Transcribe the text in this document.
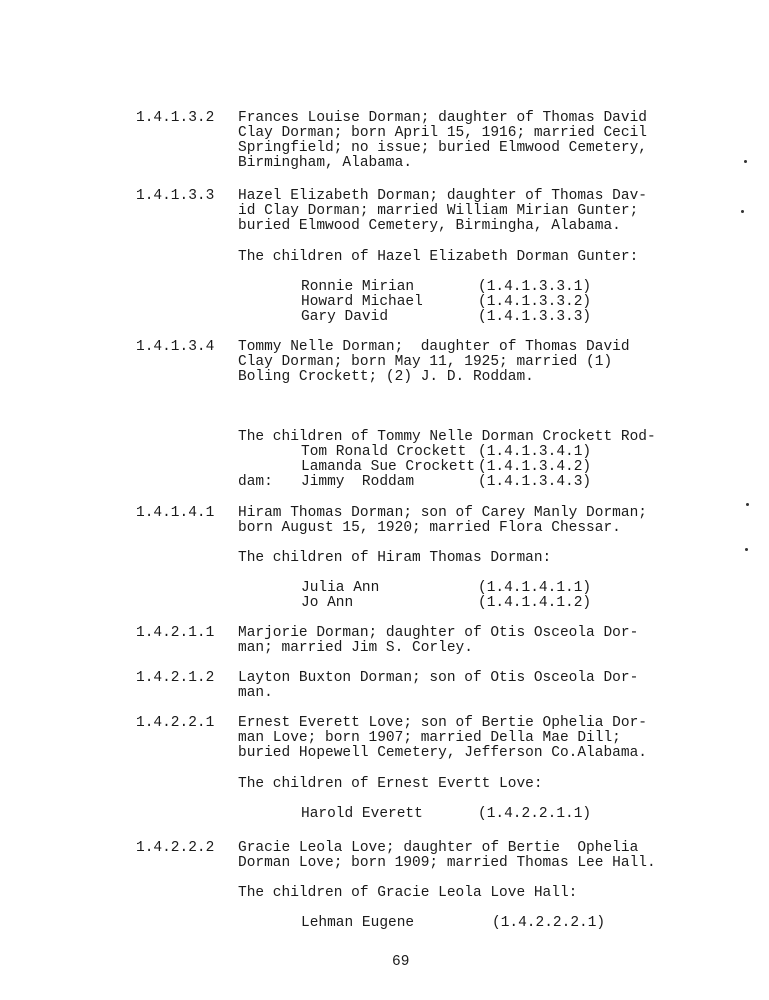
1.4.1.3.2 Frances Louise Dorman; daughter of Thomas David
Clay Dorman; born April 15, 1916; married Cecil
Springfield; no issue; buried Elmwood Cemetery,
Birmingham, Alabama.
1.4.1.3.3 Hazel Elizabeth Dorman; daughter of Thomas Dav-
id Clay Dorman; married William Mirian Gunter;
buried Elmwood Cemetery, Birmingha, Alabama.
The children of Hazel Elizabeth Dorman Gunter:
Ronnie Mirian	(1.4.1.3.3.1)
Howard Michael	(1.4.1.3.3.2)
Gary David	(1.4.1.3.3.3)
1.4.1.3.4 Tommy Nelle Dorman;  daughter of Thomas David
Clay Dorman; born May 11, 1925; married (1)
Boling Crockett; (2) J. D. Roddam.

The children of Tommy Nelle Dorman Crockett Rod-

dam:

Tom Ronald Crockett (1.4.1.3.4.1)
Lamanda Sue Crockett (1.4.1.3.4.2)
Jimmy  Roddam	(1.4.1.3.4.3)
1.4.1.4.1 Hiram Thomas Dorman; son of Carey Manly Dorman;
born August 15, 1920; married Flora Chessar.
The children of Hiram Thomas Dorman:
Julia Ann	(1.4.1.4.1.1)
Jo Ann	(1.4.1.4.1.2)
1.4.2.1.1 Marjorie Dorman; daughter of Otis Osceola Dor-
man; married Jim S. Corley.
1.4.2.1.2 Layton Buxton Dorman; son of Otis Osceola Dor-
man.
1.4.2.2.1 Ernest Everett Love; son of Bertie Ophelia Dor-
man Love; born 1907; married Della Mae Dill;
buried Hopewell Cemetery, Jefferson Co.Alabama.
The children of Ernest Evertt Love:
Harold Everett	(1.4.2.2.1.1)
1.4.2.2.2 Gracie Leola Love; daughter of Bertie  Ophelia
Dorman Love; born 1909; married Thomas Lee Hall.
The children of Gracie Leola Love Hall:
Lehman Eugene	(1.4.2.2.2.1)
69
